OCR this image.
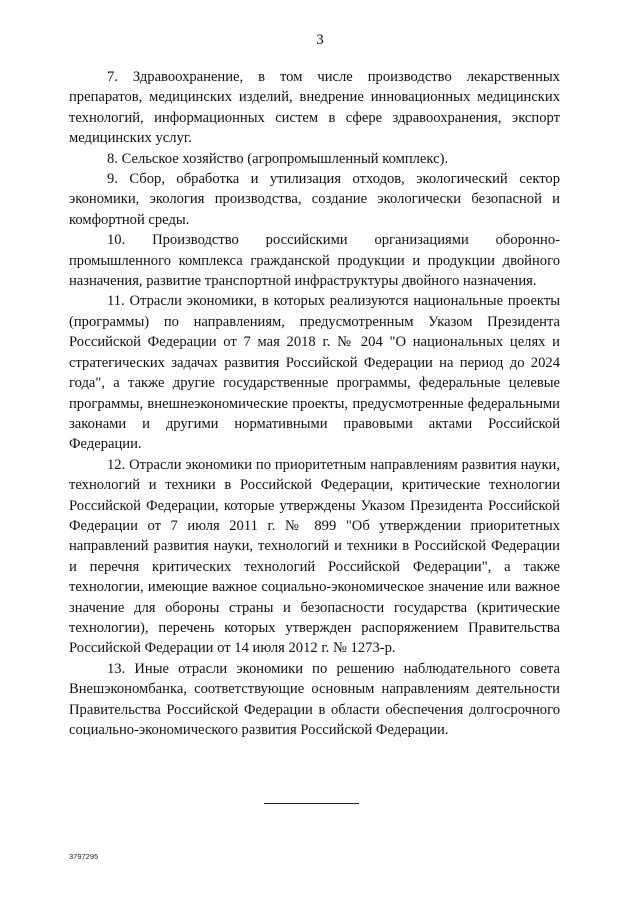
3

7. Здравоохранение, в том числе производство лекарственных препаратов, медицинских изделий, внедрение инновационных медицинских технологий, информационных систем в сфере здравоохранения, экспорт медицинских услуг.

8. Сельское хозяйство (агропромышленный комплекс).

9. Сбор, обработка и утилизация отходов, экологический сектор экономики, экология производства, создание экологически безопасной и комфортной среды.

10. Производство российскими организациями оборонно-промышленного комплекса гражданской продукции и продукции двойного назначения, развитие транспортной инфраструктуры двойного назначения.

11. Отрасли экономики, в которых реализуются национальные проекты (программы) по направлениям, предусмотренным Указом Президента Российской Федерации от 7 мая 2018 г. № 204 "О национальных целях и стратегических задачах развития Российской Федерации на период до 2024 года", а также другие государственные программы, федеральные целевые программы, внешнеэкономические проекты, предусмотренные федеральными законами и другими нормативными правовыми актами Российской Федерации.

12. Отрасли экономики по приоритетным направлениям развития науки, технологий и техники в Российской Федерации, критические технологии Российской Федерации, которые утверждены Указом Президента Российской Федерации от 7 июля 2011 г. № 899 "Об утверждении приоритетных направлений развития науки, технологий и техники в Российской Федерации и перечня критических технологий Российской Федерации", а также технологии, имеющие важное социально-экономическое значение или важное значение для обороны страны и безопасности государства (критические технологии), перечень которых утвержден распоряжением Правительства Российской Федерации от 14 июля 2012 г. № 1273-р.

13. Иные отрасли экономики по решению наблюдательного совета Внешэкономбанка, соответствующие основным направлениям деятельности Правительства Российской Федерации в области обеспечения долгосрочного социально-экономического развития Российской Федерации.

3797295
